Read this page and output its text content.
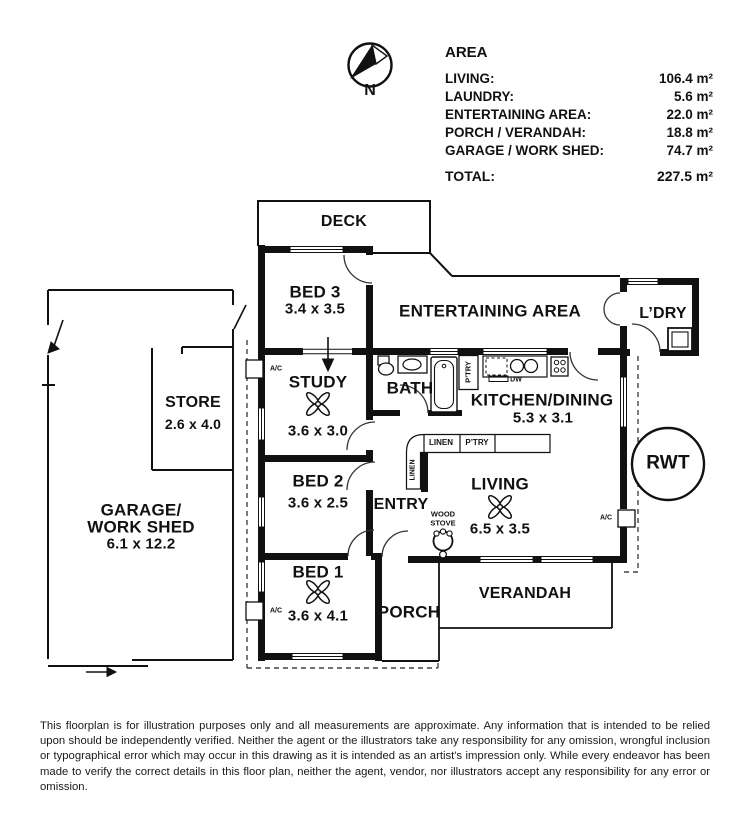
AREA
LIVING:	106.4 m²
LAUNDRY:	5.6 m²
ENTERTAINING AREA:	22.0 m²
PORCH / VERANDAH:	18.8 m²
GARAGE / WORK SHED:	74.7 m²
TOTAL:	227.5 m²
N
DECK
BED 3
3.4 x 3.5	ENTERTAINING AREA	L’DRY
STUDY
3.6 x 3.0
BATH
KITCHEN/DINING
5.3 x 3.1
STORE
2.6 x 4.0
GARAGE/
WORK SHED
6.1 x 12.2
BED 2
3.6 x 2.5 ENTRY
LIVING
6.5 x 3.5
BED 1
3.6 x 4.1 PORCH
VERANDAH
RWT
WOOD
STOVE
DW
LINEN P’TRY
LINEN
P’TRY
A/C
A/C
A/C
This floorplan is for illustration purposes only and all measurements are approximate. Any information that is intended to be relied upon should be independently verified. Neither the agent or the illustrators take any responsibility for any omission, wrongful inclusion or typographical error which may occur in this drawing as it is intended as an artist's impression only. While every endeavor has been made to verify the correct details in this floor plan, neither the agent, vendor, nor illustrators accept any responsibility for any error or omission.
